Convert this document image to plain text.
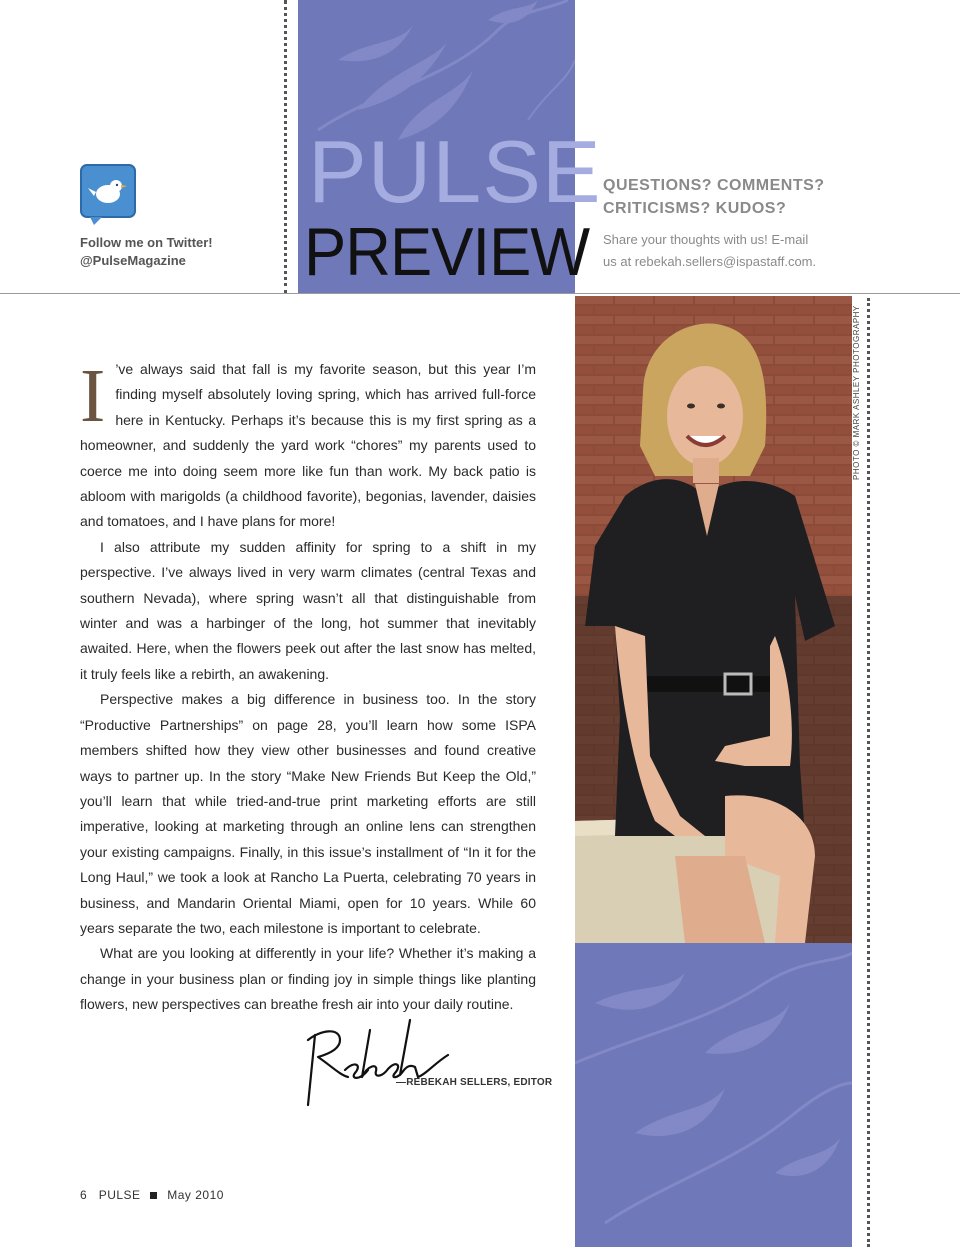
PULSE
PREVIEW
Follow me on Twitter!
@PulseMagazine
QUESTIONS? COMMENTS?
CRITICISMS? KUDOS?
Share your thoughts with us! E-mail
us at rebekah.sellers@ispastaff.com.
PHOTO © MARK ASHLEY PHOTOGRAPHY

I ’ve always said that fall is my favorite season, but this year I’m finding myself absolutely loving spring, which has arrived full-force here in Kentucky. Perhaps it’s because this is my first spring as a homeowner, and suddenly the yard work “chores” my parents used to coerce me into doing seem more like fun than work. My back patio is abloom with marigolds (a childhood favorite), begonias, lavender, daisies and tomatoes, and I have plans for more!

I also attribute my sudden affinity for spring to a shift in my perspective. I’ve always lived in very warm climates (central Texas and southern Nevada), where spring wasn’t all that distinguishable from winter and was a harbinger of the long, hot summer that inevitably awaited. Here, when the flowers peek out after the last snow has melted, it truly feels like a rebirth, an awakening.

Perspective makes a big difference in business too. In the story “Productive Partnerships” on page 28, you’ll learn how some ISPA members shifted how they view other businesses and found creative ways to partner up. In the story “Make New Friends But Keep the Old,” you’ll learn that while tried-and-true print marketing efforts are still imperative, looking at marketing through an online lens can strengthen your existing campaigns. Finally, in this issue’s installment of “In it for the Long Haul,” we took a look at Rancho La Puerta, celebrating 70 years in business, and Mandarin Oriental Miami, open for 10 years. While 60 years separate the two, each milestone is important to celebrate.

What are you looking at differently in your life? Whether it’s making a change in your business plan or finding joy in simple things like planting flowers, new perspectives can breathe fresh air into your daily routine.

—REBEKAH SELLERS, EDITOR
6 PULSE May 2010
